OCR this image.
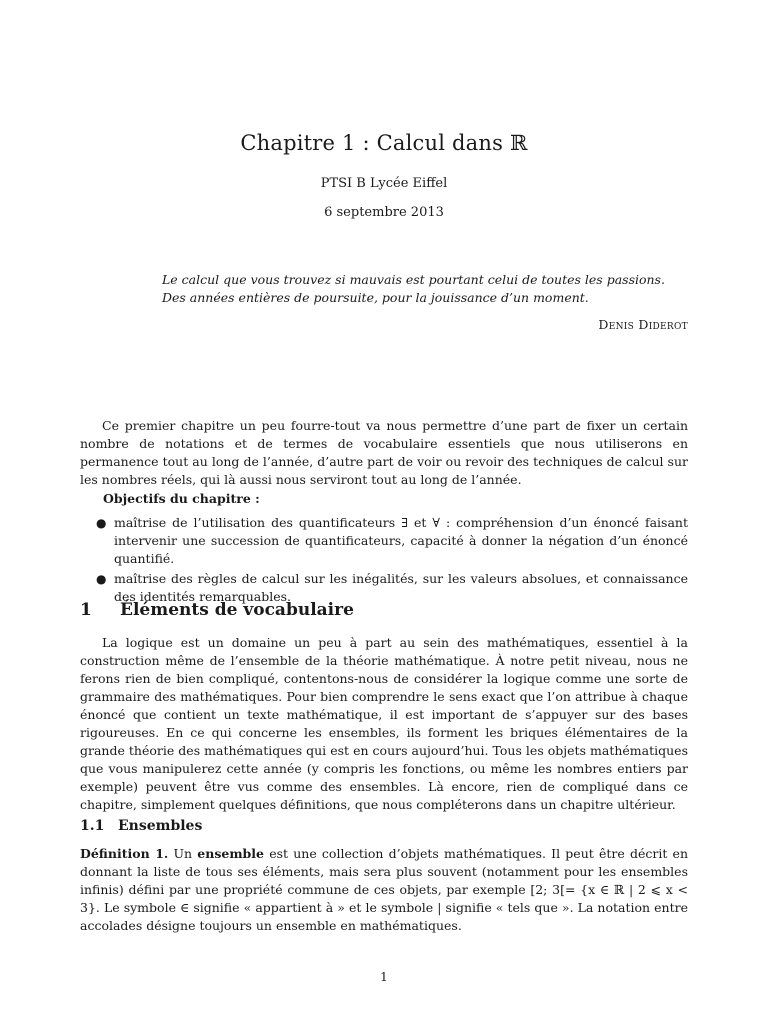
Chapitre 1 : Calcul dans ℝ
PTSI B Lycée Eiffel
6 septembre 2013
Le calcul que vous trouvez si mauvais est pourtant celui de toutes les passions.
Des années entières de poursuite, pour la jouissance d’un moment.
Denis Diderot
Ce premier chapitre un peu fourre-tout va nous permettre d’une part de fixer un certain nombre de notations et de termes de vocabulaire essentiels que nous utiliserons en permanence tout au long de l’année, d’autre part de voir ou revoir des techniques de calcul sur les nombres réels, qui là aussi nous serviront tout au long de l’année.
Objectifs du chapitre :
● maîtrise de l’utilisation des quantificateurs ∃ et ∀ : compréhension d’un énoncé faisant intervenir une succession de quantificateurs, capacité à donner la négation d’un énoncé quantifié.
● maîtrise des règles de calcul sur les inégalités, sur les valeurs absolues, et connaissance des identités remarquables.
1 Éléments de vocabulaire
La logique est un domaine un peu à part au sein des mathématiques, essentiel à la construction même de l’ensemble de la théorie mathématique. À notre petit niveau, nous ne ferons rien de bien compliqué, contentons-nous de considérer la logique comme une sorte de grammaire des mathématiques. Pour bien comprendre le sens exact que l’on attribue à chaque énoncé que contient un texte mathématique, il est important de s’appuyer sur des bases rigoureuses. En ce qui concerne les ensembles, ils forment les briques élémentaires de la grande théorie des mathématiques qui est en cours aujourd’hui. Tous les objets mathématiques que vous manipulerez cette année (y compris les fonctions, ou même les nombres entiers par exemple) peuvent être vus comme des ensembles. Là encore, rien de compliqué dans ce chapitre, simplement quelques définitions, que nous compléterons dans un chapitre ultérieur.
1.1 Ensembles
Définition 1. Un ensemble est une collection d’objets mathématiques. Il peut être décrit en donnant la liste de tous ses éléments, mais sera plus souvent (notamment pour les ensembles infinis) défini par une propriété commune de ces objets, par exemple [2; 3[= {x ∈ ℝ | 2 ⩽ x < 3}. Le symbole ∈ signifie « appartient à » et le symbole | signifie « tels que ». La notation entre accolades désigne toujours un ensemble en mathématiques.
1
